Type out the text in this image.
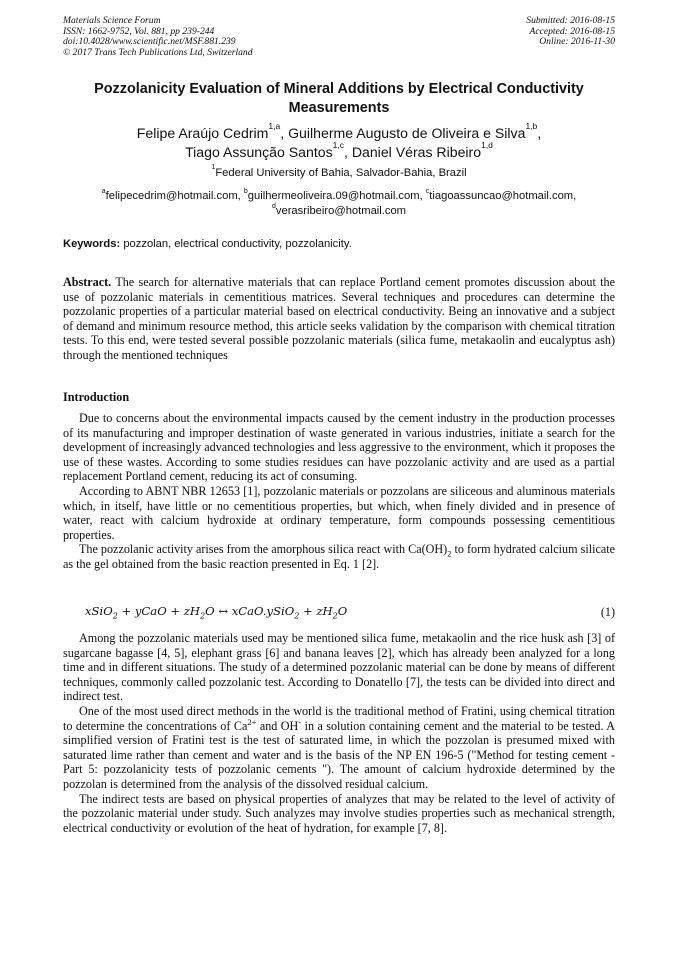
Materials Science Forum
ISSN: 1662-9752, Vol. 881, pp 239-244
doi:10.4028/www.scientific.net/MSF.881.239
© 2017 Trans Tech Publications Ltd, Switzerland
Submitted: 2016-08-15
Accepted: 2016-08-15
Online: 2016-11-30
Pozzolanicity Evaluation of Mineral Additions by Electrical Conductivity Measurements
Felipe Araújo Cedrim$^{1,a}$, Guilherme Augusto de Oliveira e Silva$^{1,b}$,
Tiago Assunção Santos$^{1,c}$, Daniel Véras Ribeiro$^{1,d}$
$^1$Federal University of Bahia, Salvador-Bahia, Brazil
$^a$felipecedrim@hotmail.com, $^b$guilhermeoliveira.09@hotmail.com, $^c$tiagoassuncao@hotmail.com,
$^d$verasribeiro@hotmail.com
Keywords: pozzolan, electrical conductivity, pozzolanicity.

Abstract. The search for alternative materials that can replace Portland cement promotes discussion about the use of pozzolanic materials in cementitious matrices. Several techniques and procedures can determine the pozzolanic properties of a particular material based on electrical conductivity. Being an innovative and a subject of demand and minimum resource method, this article seeks validation by the comparison with chemical titration tests. To this end, were tested several possible pozzolanic materials (silica fume, metakaolin and eucalyptus ash) through the mentioned techniques

Introduction

Due to concerns about the environmental impacts caused by the cement industry in the production processes of its manufacturing and improper destination of waste generated in various industries, initiate a search for the development of increasingly advanced technologies and less aggressive to the environment, which it proposes the use of these wastes. According to some studies residues can have pozzolanic activity and are used as a partial replacement Portland cement, reducing its act of consuming.

According to ABNT NBR 12653 [1], pozzolanic materials or pozzolans are siliceous and aluminous materials which, in itself, have little or no cementitious properties, but which, when finely divided and in presence of water, react with calcium hydroxide at ordinary temperature, form compounds possessing cementitious properties.

The pozzolanic activity arises from the amorphous silica react with $Ca(OH)_2$ to form hydrated calcium silicate as the gel obtained from the basic reaction presented in Eq. 1 [2].

xSiO$_2$ + yCaO + $zH_2O$ ↔ xCaO.ySiO$_2$ + $zH_2O$	(1)

Among the pozzolanic materials used may be mentioned silica fume, metakaolin and the rice husk ash [3] of sugarcane bagasse [4, 5], elephant grass [6] and banana leaves [2], which has already been analyzed for a long time and in different situations. The study of a determined pozzolanic material can be done by means of different techniques, commonly called pozzolanic test. According to Donatello [7], the tests can be divided into direct and indirect test.

One of the most used direct methods in the world is the traditional method of Fratini, using chemical titration to determine the concentrations of $Ca^{2+}$ and OH- in a solution containing cement and the material to be tested. A simplified version of Fratini test is the test of saturated lime, in which the pozzolan is presumed mixed with saturated lime rather than cement and water and is the basis of the NP EN 196-5 ("Method for testing cement - Part 5: pozzolanicity tests of pozzolanic cements "). The amount of calcium hydroxide determined by the pozzolan is determined from the analysis of the dissolved residual calcium.

The indirect tests are based on physical properties of analyzes that may be related to the level of activity of the pozzolanic material under study. Such analyzes may involve studies properties such as mechanical strength, electrical conductivity or evolution of the heat of hydration, for example [7, 8].
